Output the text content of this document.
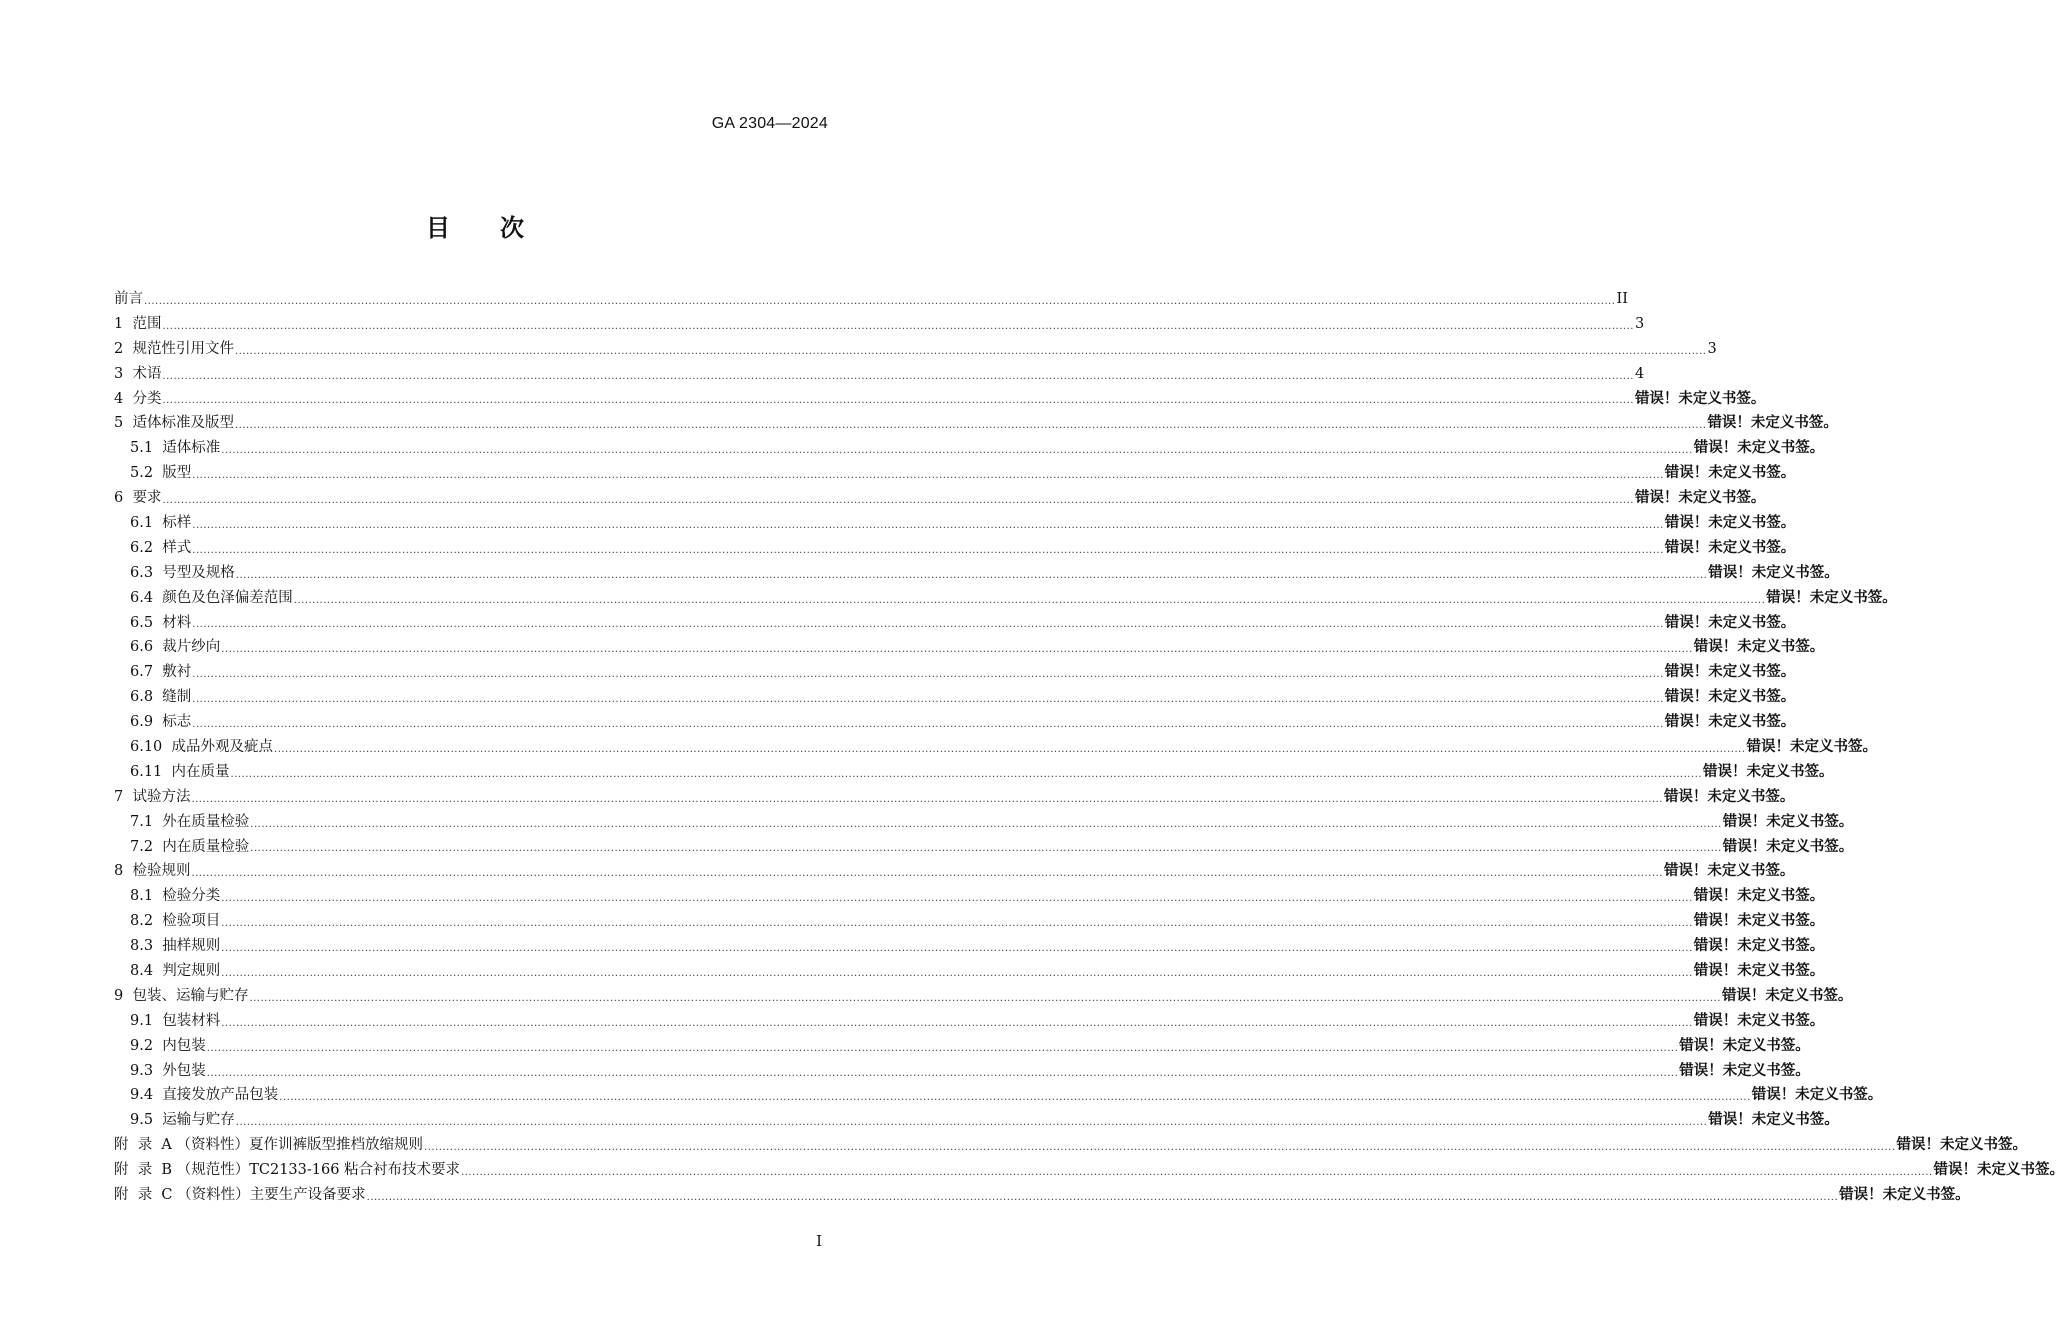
GA 2304—2024
目 次
前言 ................................................................................................................................................................................................................................................................................................................................................................................................................ II
1  范围 ................................................................................................................................................................................................................................................................................................................................................................................................................ 3
2  规范性引用文件 ................................................................................................................................................................................................................................................................................................................................................................................................................ 3
3  术语 ................................................................................................................................................................................................................................................................................................................................................................................................................ 4
4  分类 ................................................................................................................................................................................................................................................................................................................................................................................................................ 错误！未定义书签。
5  适体标准及版型 ................................................................................................................................................................................................................................................................................................................................................................................................................ 错误！未定义书签。
5.1  适体标准 ................................................................................................................................................................................................................................................................................................................................................................................................................ 错误！未定义书签。
5.2  版型 ................................................................................................................................................................................................................................................................................................................................................................................................................ 错误！未定义书签。
6  要求 ................................................................................................................................................................................................................................................................................................................................................................................................................ 错误！未定义书签。
6.1  标样 ................................................................................................................................................................................................................................................................................................................................................................................................................ 错误！未定义书签。
6.2  样式 ................................................................................................................................................................................................................................................................................................................................................................................................................ 错误！未定义书签。
6.3  号型及规格 ................................................................................................................................................................................................................................................................................................................................................................................................................ 错误！未定义书签。
6.4  颜色及色泽偏差范围 ................................................................................................................................................................................................................................................................................................................................................................................................................ 错误！未定义书签。
6.5  材料 ................................................................................................................................................................................................................................................................................................................................................................................................................ 错误！未定义书签。
6.6  裁片纱向 ................................................................................................................................................................................................................................................................................................................................................................................................................ 错误！未定义书签。
6.7  敷衬 ................................................................................................................................................................................................................................................................................................................................................................................................................ 错误！未定义书签。
6.8  缝制 ................................................................................................................................................................................................................................................................................................................................................................................................................ 错误！未定义书签。
6.9  标志 ................................................................................................................................................................................................................................................................................................................................................................................................................ 错误！未定义书签。
6.10  成品外观及疵点 ................................................................................................................................................................................................................................................................................................................................................................................................................ 错误！未定义书签。
6.11  内在质量 ................................................................................................................................................................................................................................................................................................................................................................................................................ 错误！未定义书签。
7  试验方法 ................................................................................................................................................................................................................................................................................................................................................................................................................ 错误！未定义书签。
7.1  外在质量检验 ................................................................................................................................................................................................................................................................................................................................................................................................................ 错误！未定义书签。
7.2  内在质量检验 ................................................................................................................................................................................................................................................................................................................................................................................................................ 错误！未定义书签。
8  检验规则 ................................................................................................................................................................................................................................................................................................................................................................................................................ 错误！未定义书签。
8.1  检验分类 ................................................................................................................................................................................................................................................................................................................................................................................................................ 错误！未定义书签。
8.2  检验项目 ................................................................................................................................................................................................................................................................................................................................................................................................................ 错误！未定义书签。
8.3  抽样规则 ................................................................................................................................................................................................................................................................................................................................................................................................................ 错误！未定义书签。
8.4  判定规则 ................................................................................................................................................................................................................................................................................................................................................................................................................ 错误！未定义书签。
9  包装、运输与贮存 ................................................................................................................................................................................................................................................................................................................................................................................................................ 错误！未定义书签。
9.1  包装材料 ................................................................................................................................................................................................................................................................................................................................................................................................................ 错误！未定义书签。
9.2  内包装 ................................................................................................................................................................................................................................................................................................................................................................................................................ 错误！未定义书签。
9.3  外包装 ................................................................................................................................................................................................................................................................................................................................................................................................................ 错误！未定义书签。
9.4  直接发放产品包装 ................................................................................................................................................................................................................................................................................................................................................................................................................ 错误！未定义书签。
9.5  运输与贮存 ................................................................................................................................................................................................................................................................................................................................................................................................................ 错误！未定义书签。
附  录  A （资料性）夏作训裤版型推档放缩规则 ................................................................................................................................................................................................................................................................................................................................................................................................................ 错误！未定义书签。
附  录  B （规范性）TC2133-166 粘合衬布技术要求 ................................................................................................................................................................................................................................................................................................................................................................................................................ 错误！未定义书签。
附  录  C （资料性）主要生产设备要求 ................................................................................................................................................................................................................................................................................................................................................................................................................ 错误！未定义书签。
I
